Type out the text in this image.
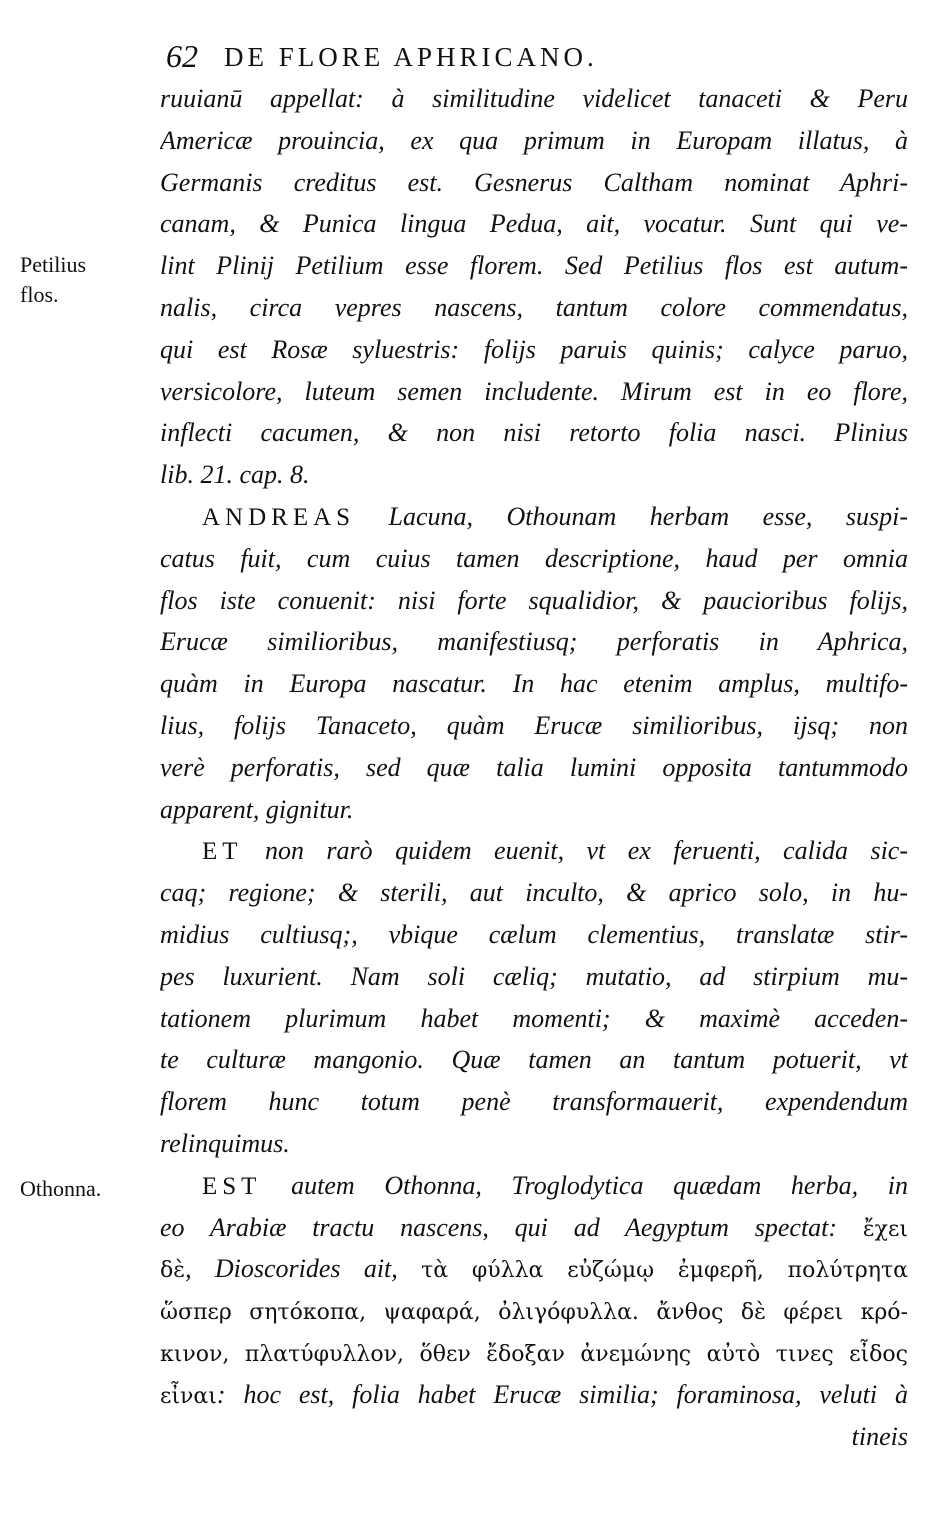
62 DE FLORE APHRICANO.
Petilius
flos.
Othonna.
ruuianū appellat: à similitudine videlicet tanaceti & Peru
Americæ prouincia, ex qua primum in Europam illatus, à
Germanis creditus est. Gesnerus Caltham nominat Aphri-
canam, & Punica lingua Pedua, ait, vocatur. Sunt qui ve-
lint Plinij Petilium esse florem. Sed Petilius flos est autum-
nalis, circa vepres nascens, tantum colore commendatus,
qui est Rosæ syluestris: folijs paruis quinis; calyce paruo,
versicolore, luteum semen includente. Mirum est in eo flore,
inflecti cacumen, & non nisi retorto folia nasci. Plinius
lib. 21. cap. 8.
ANDREAS Lacuna, Othounam herbam esse, suspi-
catus fuit, cum cuius tamen descriptione, haud per omnia
flos iste conuenit: nisi forte squalidior, & paucioribus folijs,
Erucæ similioribus, manifestiusq; perforatis in Aphrica,
quàm in Europa nascatur. In hac etenim amplus, multifo-
lius, folijs Tanaceto, quàm Erucæ similioribus, ijsq; non
verè perforatis, sed quæ talia lumini opposita tantummodo
apparent, gignitur.
ET non rarò quidem euenit, vt ex feruenti, calida sic-
caq; regione; & sterili, aut inculto, & aprico solo, in hu-
midius cultiusq;, vbique cælum clementius, translatæ stir-
pes luxurient. Nam soli cæliq; mutatio, ad stirpium mu-
tationem plurimum habet momenti; & maximè acceden-
te culturæ mangonio. Quæ tamen an tantum potuerit, vt
florem hunc totum penè transformauerit, expendendum
relinquimus.
EST autem Othonna, Troglodytica quædam herba, in
eo Arabiæ tractu nascens, qui ad Aegyptum spectat: ἔχει
δὲ, Dioscorides ait, τὰ φύλλα εὐζώμῳ ἐμφερῆ, πολύτρητα
ὥσπερ σητόκοπα, ψαφαρά, ὀλιγόφυλλα. ἄνθος δὲ φέρει κρό-
κινον, πλατύφυλλον, ὅθεν ἔδοξαν ἀνεμώνης αὐτὸ τινες εἶδος
εἶναι: hoc est, folia habet Erucæ similia; foraminosa, veluti à
tineis
